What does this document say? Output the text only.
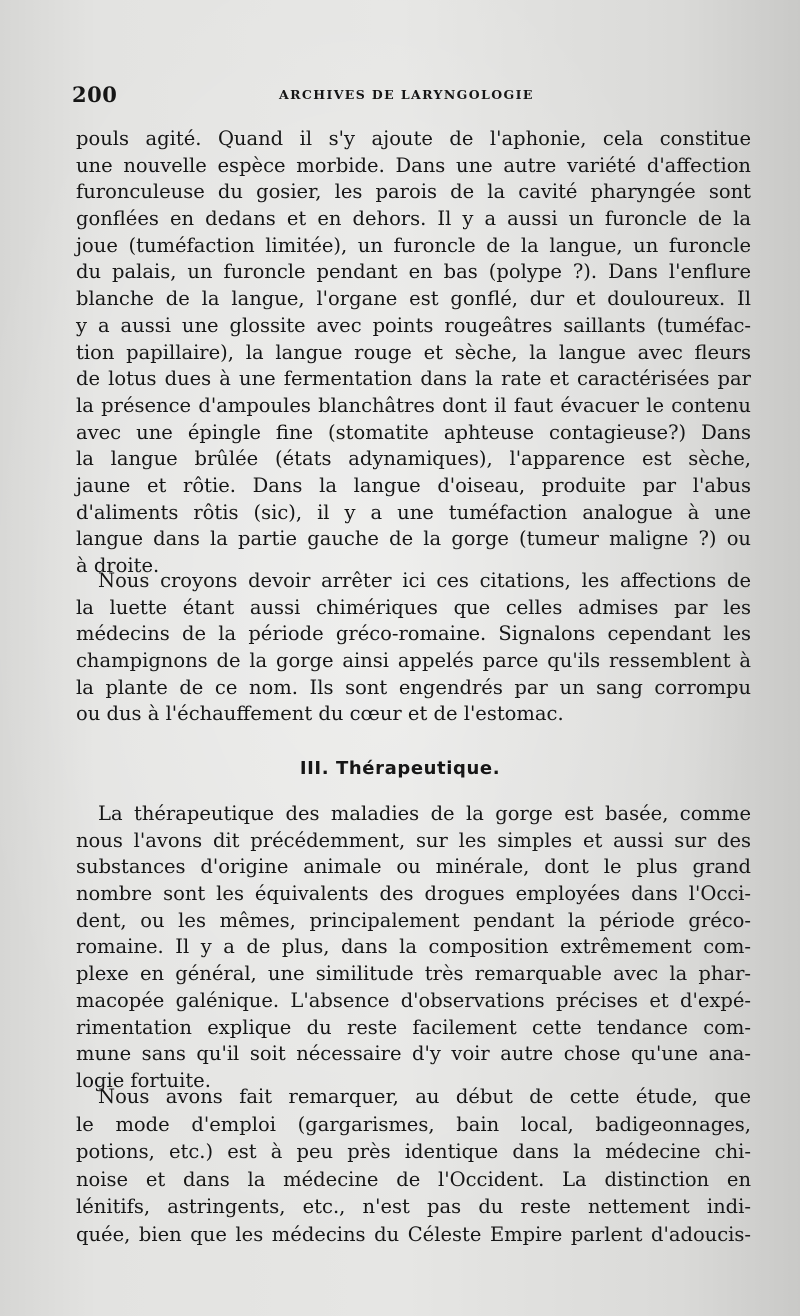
200	ARCHIVES DE LARYNGOLOGIE
pouls agité. Quand il s'y ajoute de l'aphonie, cela constitue
une nouvelle espèce morbide. Dans une autre variété d'affection
furonculeuse du gosier, les parois de la cavité pharyngée sont
gonflées en dedans et en dehors. Il y a aussi un furoncle de la
joue (tuméfaction limitée), un furoncle de la langue, un furoncle
du palais, un furoncle pendant en bas (polype ?). Dans l'enflure
blanche de la langue, l'organe est gonflé, dur et douloureux. Il
y a aussi une glossite avec points rougeâtres saillants (tuméfac-
tion papillaire), la langue rouge et sèche, la langue avec fleurs
de lotus dues à une fermentation dans la rate et caractérisées par
la présence d'ampoules blanchâtres dont il faut évacuer le contenu
avec une épingle fine (stomatite aphteuse contagieuse?) Dans
la langue brûlée (états adynamiques), l'apparence est sèche,
jaune et rôtie. Dans la langue d'oiseau, produite par l'abus
d'aliments rôtis (sic), il y a une tuméfaction analogue à une
langue dans la partie gauche de la gorge (tumeur maligne ?) ou
à droite.
Nous croyons devoir arrêter ici ces citations, les affections de
la luette étant aussi chimériques que celles admises par les
médecins de la période gréco-romaine. Signalons cependant les
champignons de la gorge ainsi appelés parce qu'ils ressemblent à
la plante de ce nom. Ils sont engendrés par un sang corrompu
ou dus à l'échauffement du cœur et de l'estomac.
III. Thérapeutique.
La thérapeutique des maladies de la gorge est basée, comme
nous l'avons dit précédemment, sur les simples et aussi sur des
substances d'origine animale ou minérale, dont le plus grand
nombre sont les équivalents des drogues employées dans l'Occi-
dent, ou les mêmes, principalement pendant la période gréco-
romaine. Il y a de plus, dans la composition extrêmement com-
plexe en général, une similitude très remarquable avec la phar-
macopée galénique. L'absence d'observations précises et d'expé-
rimentation explique du reste facilement cette tendance com-
mune sans qu'il soit nécessaire d'y voir autre chose qu'une ana-
logie fortuite.
Nous avons fait remarquer, au début de cette étude, que
le mode d'emploi (gargarismes, bain local, badigeonnages,
potions, etc.) est à peu près identique dans la médecine chi-
noise et dans la médecine de l'Occident. La distinction en
lénitifs, astringents, etc., n'est pas du reste nettement indi-
quée, bien que les médecins du Céleste Empire parlent d'adoucis-
